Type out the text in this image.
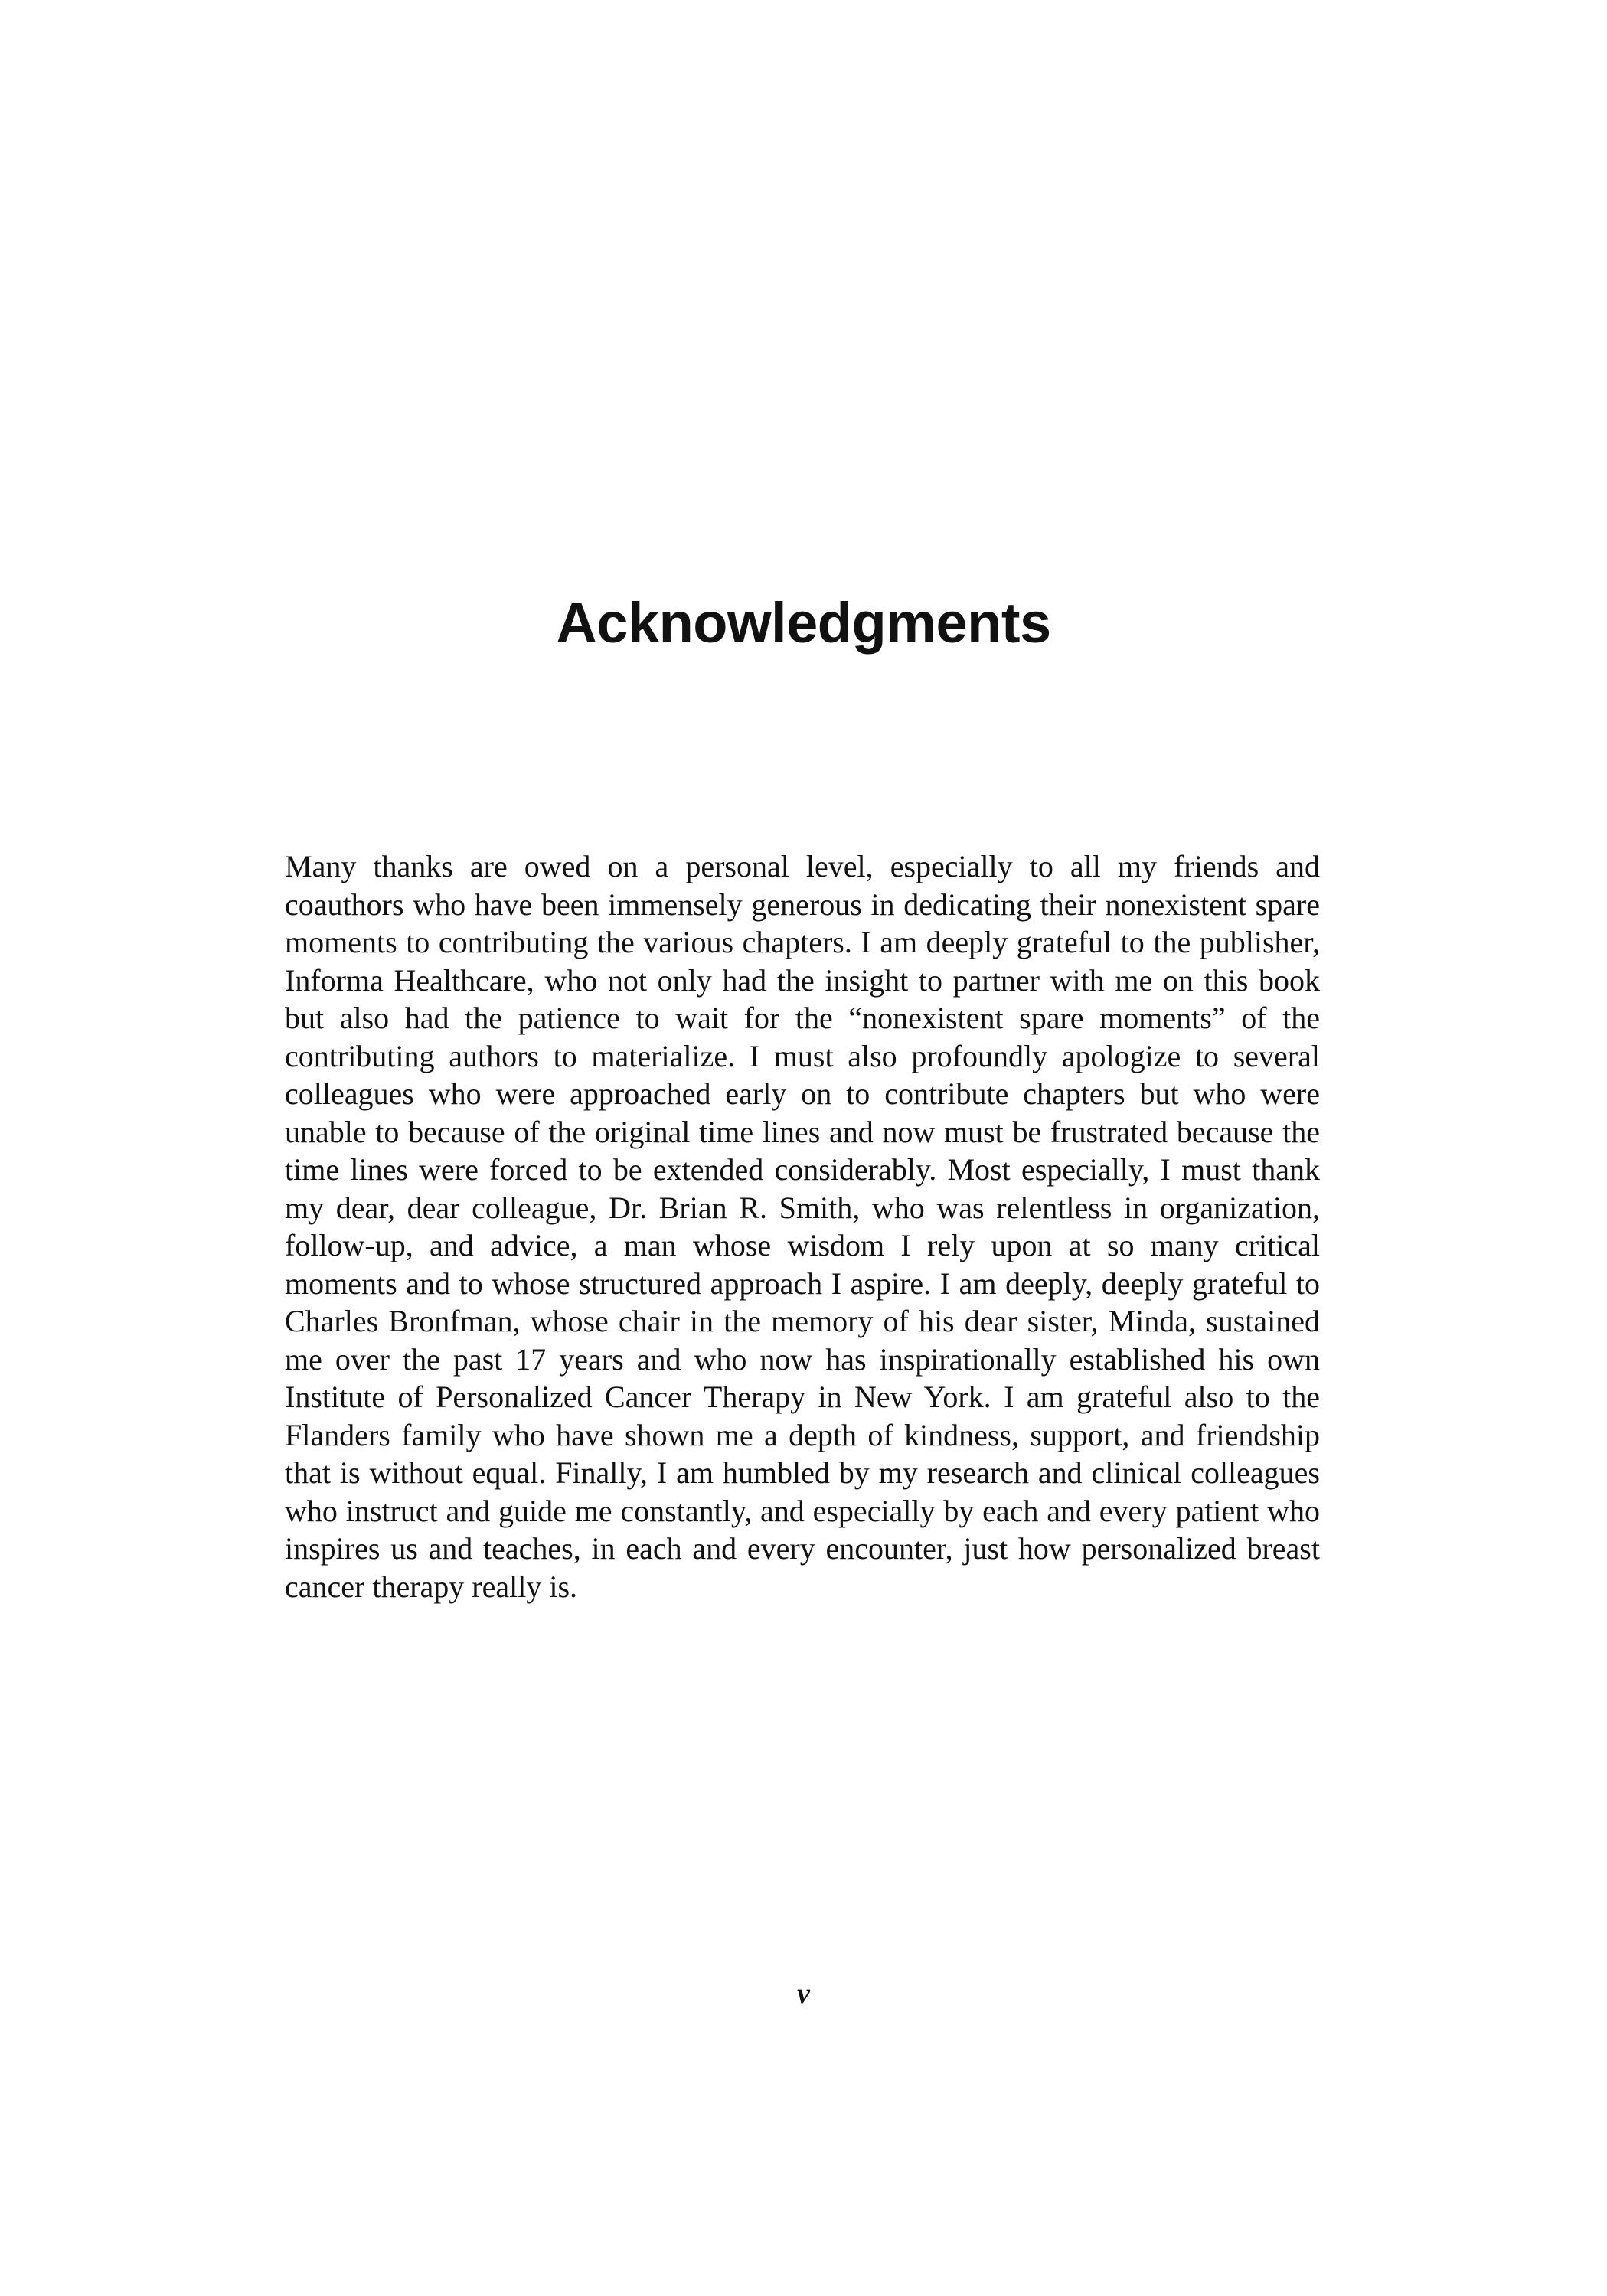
Acknowledgments

Many thanks are owed on a personal level, especially to all my friends and coauthors who have been immensely generous in dedicating their nonexistent spare moments to contributing the various chapters. I am deeply grateful to the publisher, Informa Healthcare, who not only had the insight to partner with me on this book but also had the patience to wait for the “nonexistent spare moments” of the contributing authors to materialize. I must also profoundly apologize to several colleagues who were approached early on to contribute chapters but who were unable to because of the original time lines and now must be frustrated because the time lines were forced to be extended considerably. Most especially, I must thank my dear, dear colleague, Dr. Brian R. Smith, who was relentless in organization, follow-up, and advice, a man whose wisdom I rely upon at so many critical moments and to whose structured approach I aspire. I am deeply, deeply grateful to Charles Bronfman, whose chair in the memory of his dear sister, Minda, sustained me over the past 17 years and who now has inspirationally established his own Institute of Personalized Cancer Therapy in New York. I am grateful also to the Flanders family who have shown me a depth of kindness, support, and friendship that is without equal. Finally, I am humbled by my research and clinical colleagues who instruct and guide me constantly, and especially by each and every patient who inspires us and teaches, in each and every encounter, just how personalized breast cancer therapy really is.

v
